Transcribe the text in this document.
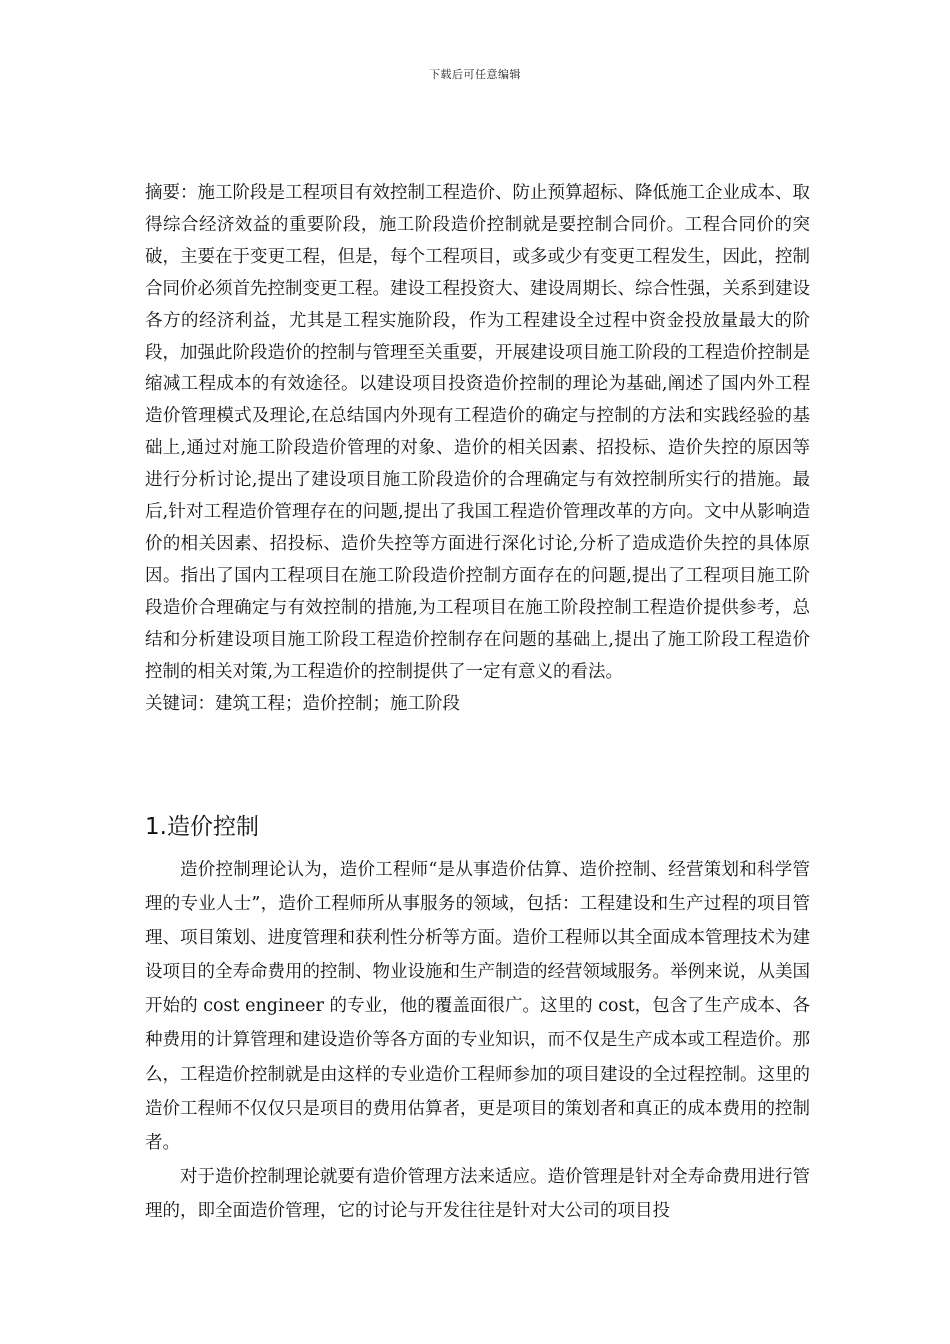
下载后可任意编辑

摘要：施工阶段是工程项目有效控制工程造价、防止预算超标、降低施工企业成本、取得综合经济效益的重要阶段，施工阶段造价控制就是要控制合同价。工程合同价的突破，主要在于变更工程，但是，每个工程项目，或多或少有变更工程发生，因此，控制合同价必须首先控制变更工程。建设工程投资大、建设周期长、综合性强，关系到建设各方的经济利益，尤其是工程实施阶段，作为工程建设全过程中资金投放量最大的阶段，加强此阶段造价的控制与管理至关重要，开展建设项目施工阶段的工程造价控制是缩减工程成本的有效途径。以建设项目投资造价控制的理论为基础,阐述了国内外工程造价管理模式及理论,在总结国内外现有工程造价的确定与控制的方法和实践经验的基础上,通过对施工阶段造价管理的对象、造价的相关因素、招投标、造价失控的原因等进行分析讨论,提出了建设项目施工阶段造价的合理确定与有效控制所实行的措施。最后,针对工程造价管理存在的问题,提出了我国工程造价管理改革的方向。文中从影响造价的相关因素、招投标、造价失控等方面进行深化讨论,分析了造成造价失控的具体原因。指出了国内工程项目在施工阶段造价控制方面存在的问题,提出了工程项目施工阶段造价合理确定与有效控制的措施,为工程项目在施工阶段控制工程造价提供参考，总结和分析建设项目施工阶段工程造价控制存在问题的基础上,提出了施工阶段工程造价控制的相关对策,为工程造价的控制提供了一定有意义的看法。

关键词：建筑工程；造价控制；施工阶段

1.造价控制

造价控制理论认为，造价工程师“是从事造价估算、造价控制、经营策划和科学管理的专业人士”，造价工程师所从事服务的领域，包括：工程建设和生产过程的项目管理、项目策划、进度管理和获利性分析等方面。造价工程师以其全面成本管理技术为建设项目的全寿命费用的控制、物业设施和生产制造的经营领域服务。举例来说，从美国开始的 cost engineer 的专业，他的覆盖面很广。这里的 cost，包含了生产成本、各种费用的计算管理和建设造价等各方面的专业知识，而不仅是生产成本或工程造价。那么，工程造价控制就是由这样的专业造价工程师参加的项目建设的全过程控制。这里的造价工程师不仅仅只是项目的费用估算者，更是项目的策划者和真正的成本费用的控制者。

对于造价控制理论就要有造价管理方法来适应。造价管理是针对全寿命费用进行管理的，即全面造价管理，它的讨论与开发往往是针对大公司的项目投
